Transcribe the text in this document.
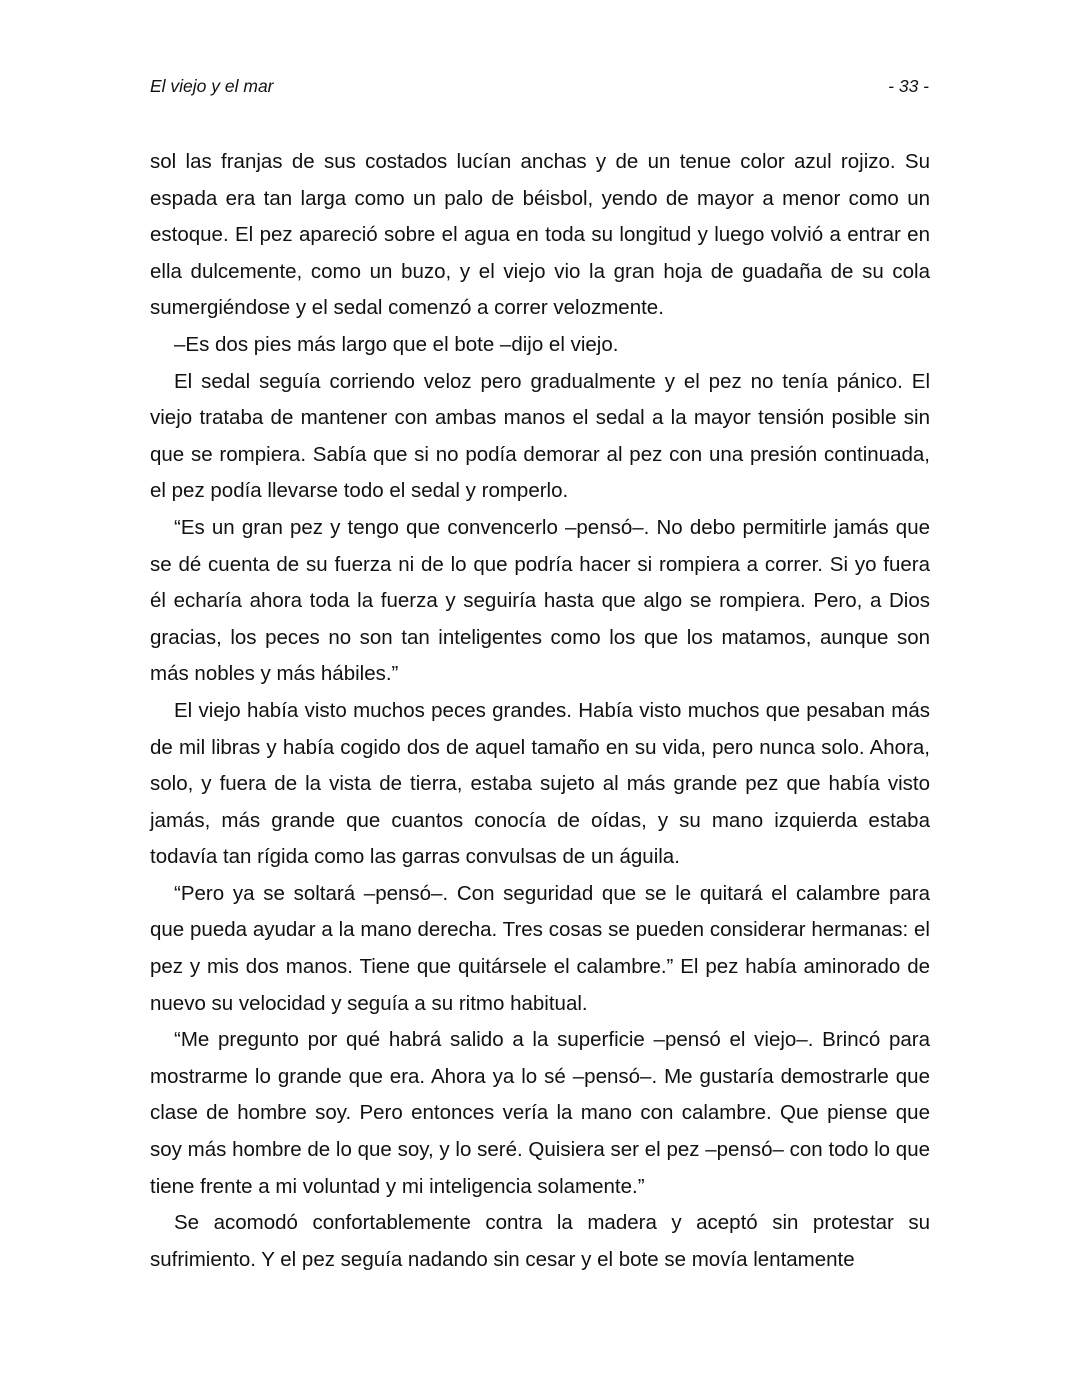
El viejo y el mar	- 33 -

sol las franjas de sus costados lucían anchas y de un tenue color azul rojizo. Su espada era tan larga como un palo de béisbol, yendo de mayor a menor como un estoque. El pez apareció sobre el agua en toda su longitud y luego volvió a entrar en ella dulcemente, como un buzo, y el viejo vio la gran hoja de guadaña de su cola sumergiéndose y el sedal comenzó a correr velozmente.

–Es dos pies más largo que el bote –dijo el viejo.

El sedal seguía corriendo veloz pero gradualmente y el pez no tenía pánico. El viejo trataba de mantener con ambas manos el sedal a la mayor tensión posible sin que se rompiera. Sabía que si no podía demorar al pez con una presión continuada, el pez podía llevarse todo el sedal y romperlo.

“Es un gran pez y tengo que convencerlo –pensó–. No debo permitirle jamás que se dé cuenta de su fuerza ni de lo que podría hacer si rompiera a correr. Si yo fuera él echaría ahora toda la fuerza y seguiría hasta que algo se rompiera. Pero, a Dios gracias, los peces no son tan inteligentes como los que los matamos, aunque son más nobles y más hábiles.”

El viejo había visto muchos peces grandes. Había visto muchos que pesaban más de mil libras y había cogido dos de aquel tamaño en su vida, pero nunca solo. Ahora, solo, y fuera de la vista de tierra, estaba sujeto al más grande pez que había visto jamás, más grande que cuantos conocía de oídas, y su mano izquierda estaba todavía tan rígida como las garras convulsas de un águila.

“Pero ya se soltará –pensó–. Con seguridad que se le quitará el calambre para que pueda ayudar a la mano derecha. Tres cosas se pueden considerar hermanas: el pez y mis dos manos. Tiene que quitársele el calambre.” El pez había aminorado de nuevo su velocidad y seguía a su ritmo habitual.

“Me pregunto por qué habrá salido a la superficie –pensó el viejo–. Brincó para mostrarme lo grande que era. Ahora ya lo sé –pensó–. Me gustaría demostrarle que clase de hombre soy. Pero entonces vería la mano con calambre. Que piense que soy más hombre de lo que soy, y lo seré. Quisiera ser el pez –pensó– con todo lo que tiene frente a mi voluntad y mi inteligencia solamente.”

Se acomodó confortablemente contra la madera y aceptó sin protestar su sufrimiento. Y el pez seguía nadando sin cesar y el bote se movía lentamente
